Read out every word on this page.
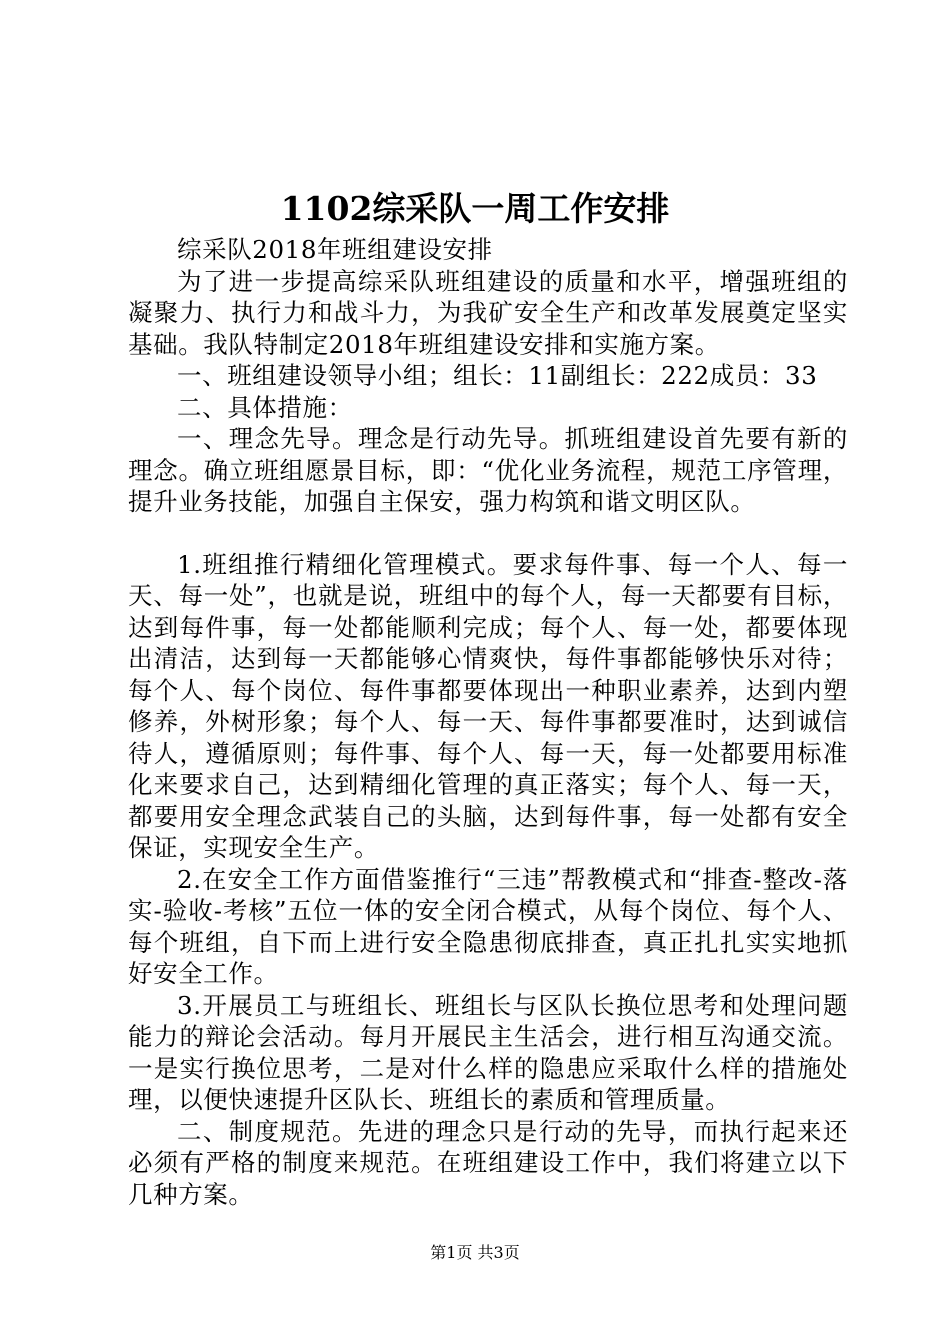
1102综采队一周工作安排

综采队2018年班组建设安排

为了进一步提高综采队班组建设的质量和水平，增强班组的凝聚力、执行力和战斗力，为我矿安全生产和改革发展奠定坚实基础。我队特制定2018年班组建设安排和实施方案。

一、班组建设领导小组；组长：11副组长：222成员：33

二、具体措施：

一、理念先导。理念是行动先导。抓班组建设首先要有新的理念。确立班组愿景目标，即：“优化业务流程，规范工序管理，提升业务技能，加强自主保安，强力构筑和谐文明区队。

1.班组推行精细化管理模式。要求每件事、每一个人、每一天、每一处”，也就是说，班组中的每个人，每一天都要有目标，达到每件事，每一处都能顺利完成；每个人、每一处，都要体现出清洁，达到每一天都能够心情爽快，每件事都能够快乐对待；每个人、每个岗位、每件事都要体现出一种职业素养，达到内塑修养，外树形象；每个人、每一天、每件事都要准时，达到诚信待人，遵循原则；每件事、每个人、每一天，每一处都要用标准化来要求自己，达到精细化管理的真正落实；每个人、每一天，都要用安全理念武装自己的头脑，达到每件事，每一处都有安全保证，实现安全生产。

2.在安全工作方面借鉴推行“三违”帮教模式和“排查-整改-落实-验收-考核”五位一体的安全闭合模式，从每个岗位、每个人、每个班组，自下而上进行安全隐患彻底排查，真正扎扎实实地抓好安全工作。

3.开展员工与班组长、班组长与区队长换位思考和处理问题能力的辩论会活动。每月开展民主生活会，进行相互沟通交流。一是实行换位思考，二是对什么样的隐患应采取什么样的措施处理，以便快速提升区队长、班组长的素质和管理质量。

二、制度规范。先进的理念只是行动的先导，而执行起来还必须有严格的制度来规范。在班组建设工作中，我们将建立以下几种方案。

第1页 共3页
